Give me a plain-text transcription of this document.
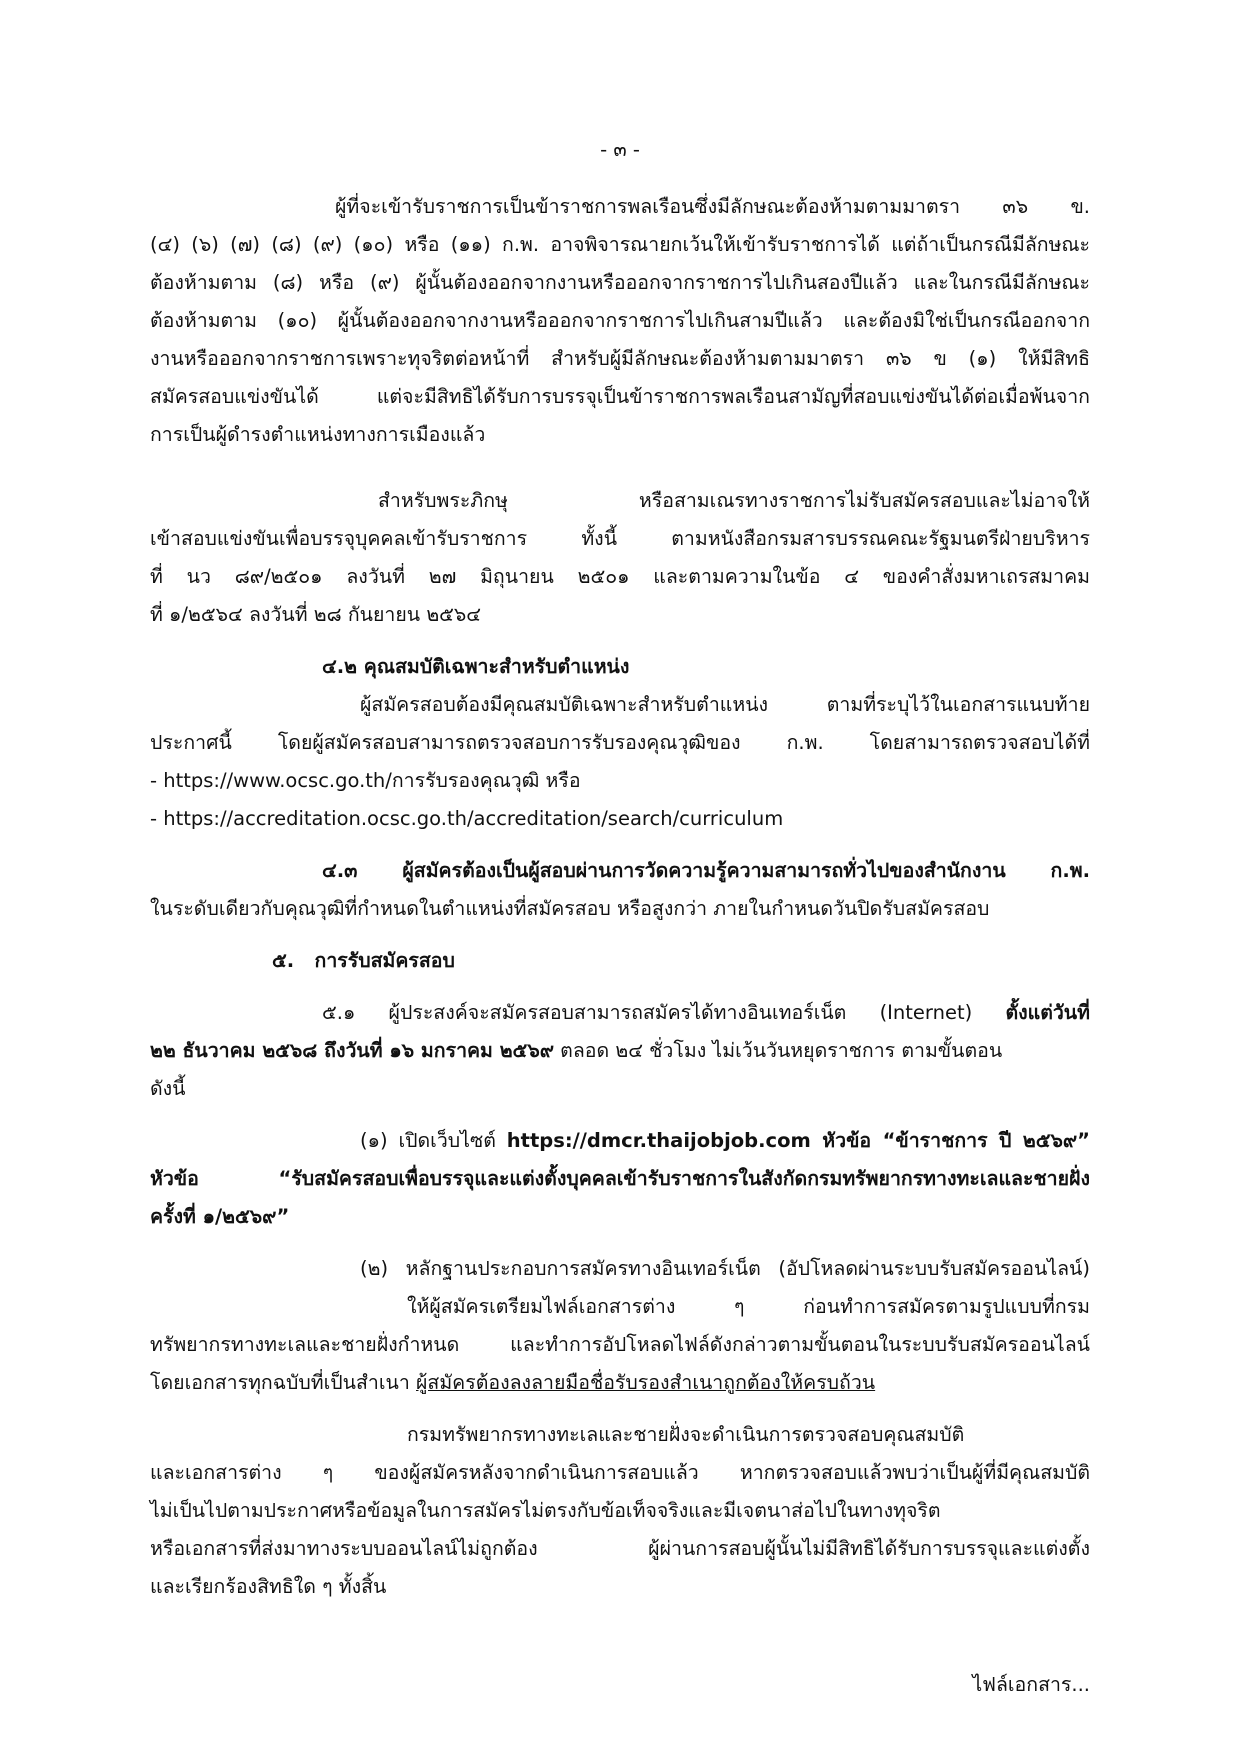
- ๓ -
ผู้ที่จะเข้ารับราชการเป็นข้าราชการพลเรือนซึ่งมีลักษณะต้องห้ามตามมาตรา ๓๖ ข.
(๔) (๖) (๗) (๘) (๙) (๑๐) หรือ (๑๑) ก.พ. อาจพิจารณายกเว้นให้เข้ารับราชการได้ แต่ถ้าเป็นกรณีมีลักษณะ
ต้องห้ามตาม (๘) หรือ (๙) ผู้นั้นต้องออกจากงานหรือออกจากราชการไปเกินสองปีแล้ว และในกรณีมีลักษณะ
ต้องห้ามตาม (๑๐) ผู้นั้นต้องออกจากงานหรือออกจากราชการไปเกินสามปีแล้ว และต้องมิใช่เป็นกรณีออกจาก
งานหรือออกจากราชการเพราะทุจริตต่อหน้าที่ สำหรับผู้มีลักษณะต้องห้ามตามมาตรา ๓๖ ข (๑) ให้มีสิทธิ
สมัครสอบแข่งขันได้ แต่จะมีสิทธิได้รับการบรรจุเป็นข้าราชการพลเรือนสามัญที่สอบแข่งขันได้ต่อเมื่อพ้นจาก
การเป็นผู้ดำรงตำแหน่งทางการเมืองแล้ว
สำหรับพระภิกษุ หรือสามเณรทางราชการไม่รับสมัครสอบและไม่อาจให้
เข้าสอบแข่งขันเพื่อบรรจุบุคคลเข้ารับราชการ ทั้งนี้ ตามหนังสือกรมสารบรรณคณะรัฐมนตรีฝ่ายบริหาร
ที่ นว ๘๙/๒๕๐๑ ลงวันที่ ๒๗ มิถุนายน ๒๕๐๑ และตามความในข้อ ๔ ของคำสั่งมหาเถรสมาคม
ที่ ๑/๒๕๖๔ ลงวันที่ ๒๘ กันยายน ๒๕๖๔
๔.๒ คุณสมบัติเฉพาะสำหรับตำแหน่ง
ผู้สมัครสอบต้องมีคุณสมบัติเฉพาะสำหรับตำแหน่ง ตามที่ระบุไว้ในเอกสารแนบท้าย
ประกาศนี้ โดยผู้สมัครสอบสามารถตรวจสอบการรับรองคุณวุฒิของ ก.พ. โดยสามารถตรวจสอบได้ที่
- https://www.ocsc.go.th/การรับรองคุณวุฒิ หรือ
- https://accreditation.ocsc.go.th/accreditation/search/curriculum
๔.๓ ผู้สมัครต้องเป็นผู้สอบผ่านการวัดความรู้ความสามารถทั่วไปของสำนักงาน ก.พ.
ในระดับเดียวกับคุณวุฒิที่กำหนดในตำแหน่งที่สมัครสอบ หรือสูงกว่า ภายในกำหนดวันปิดรับสมัครสอบ
๕.   การรับสมัครสอบ
๕.๑ ผู้ประสงค์จะสมัครสอบสามารถสมัครได้ทางอินเทอร์เน็ต (Internet) ตั้งแต่วันที่
๒๒ ธันวาคม ๒๕๖๘ ถึงวันที่ ๑๖ มกราคม ๒๕๖๙ ตลอด ๒๔ ชั่วโมง ไม่เว้นวันหยุดราชการ ตามขั้นตอน
ดังนี้
(๑) เปิดเว็บไซต์ https://dmcr.thaijobjob.com หัวข้อ “ข้าราชการ ปี ๒๕๖๙”
หัวข้อ “รับสมัครสอบเพื่อบรรจุและแต่งตั้งบุคคลเข้ารับราชการในสังกัดกรมทรัพยากรทางทะเลและชายฝั่ง
ครั้งที่ ๑/๒๕๖๙”
(๒) หลักฐานประกอบการสมัครทางอินเทอร์เน็ต (อัปโหลดผ่านระบบรับสมัครออนไลน์)
ให้ผู้สมัครเตรียมไฟล์เอกสารต่าง ๆ ก่อนทำการสมัครตามรูปแบบที่กรม
ทรัพยากรทางทะเลและชายฝั่งกำหนด และทำการอัปโหลดไฟล์ดังกล่าวตามขั้นตอนในระบบรับสมัครออนไลน์
โดยเอกสารทุกฉบับที่เป็นสำเนา ผู้สมัครต้องลงลายมือชื่อรับรองสำเนาถูกต้องให้ครบถ้วน
กรมทรัพยากรทางทะเลและชายฝั่งจะดำเนินการตรวจสอบคุณสมบัติ
และเอกสารต่าง ๆ ของผู้สมัครหลังจากดำเนินการสอบแล้ว หากตรวจสอบแล้วพบว่าเป็นผู้ที่มีคุณสมบัติ
ไม่เป็นไปตามประกาศหรือข้อมูลในการสมัครไม่ตรงกับข้อเท็จจริงและมีเจตนาส่อไปในทางทุจริต
หรือเอกสารที่ส่งมาทางระบบออนไลน์ไม่ถูกต้อง ผู้ผ่านการสอบผู้นั้นไม่มีสิทธิได้รับการบรรจุและแต่งตั้ง
และเรียกร้องสิทธิใด ๆ ทั้งสิ้น
ไฟล์เอกสาร...
